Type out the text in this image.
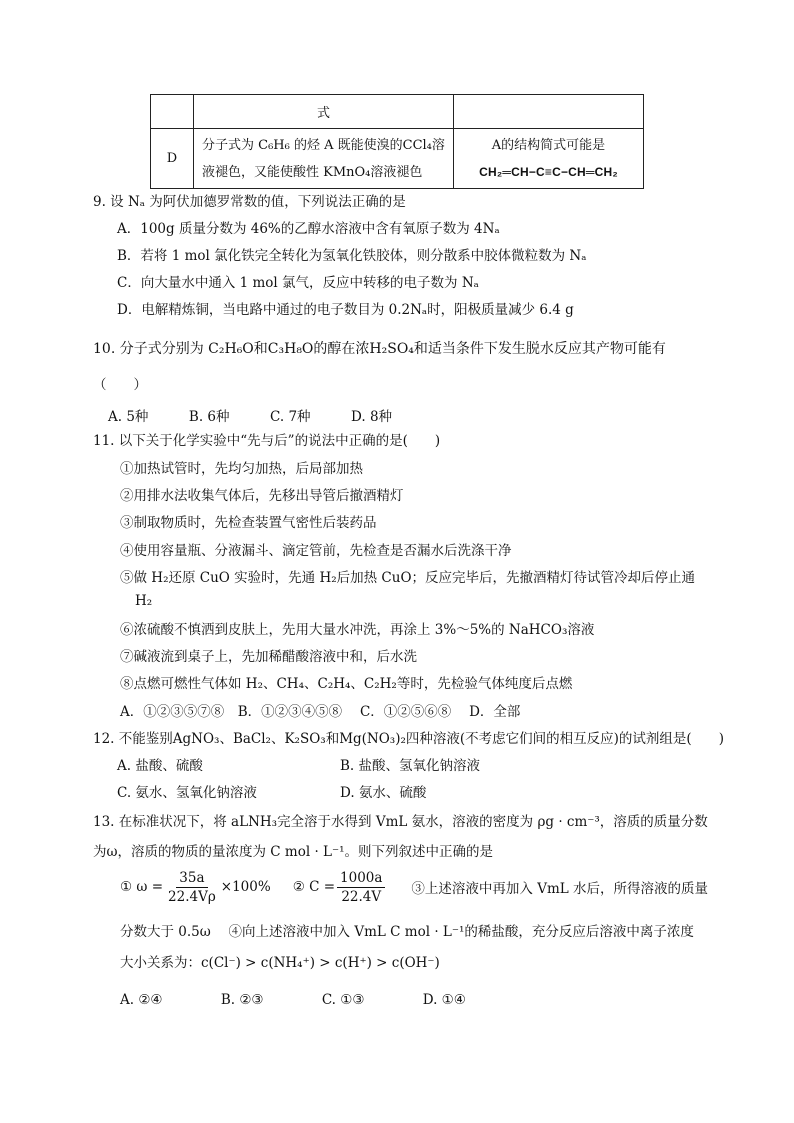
	式	
D	分子式为 C₆H₆ 的烃 A 既能使溴的CCl₄溶液褪色，又能使酸性 KMnO₄溶液褪色	A的结构简式可能是
CH₂═CH−C≡C−CH═CH₂
9. 设 Nₐ 为阿伏加德罗常数的值，下列说法正确的是
A．100g 质量分数为 46%的乙醇水溶液中含有氧原子数为 4Nₐ
B．若将 1 mol 氯化铁完全转化为氢氧化铁胶体，则分散系中胶体微粒数为 Nₐ
C．向大量水中通入 1 mol 氯气，反应中转移的电子数为 Nₐ
D．电解精炼铜，当电路中通过的电子数目为 0.2Nₐ时，阳极质量减少 6.4 g
10. 分子式分别为 C₂H₆O和C₃H₈O的醇在浓H₂SO₄和适当条件下发生脱水反应其产物可能有
（　　）
A. 5种　　　B. 6种　　　C. 7种　　　D. 8种
11. 以下关于化学实验中“先与后”的说法中正确的是(　　)
①加热试管时，先均匀加热，后局部加热
②用排水法收集气体后，先移出导管后撤酒精灯
③制取物质时，先检查装置气密性后装药品
④使用容量瓶、分液漏斗、滴定管前，先检查是否漏水后洗涤干净
⑤做 H₂还原 CuO 实验时，先通 H₂后加热 CuO；反应完毕后，先撤酒精灯待试管冷却后停止通
H₂
⑥浓硫酸不慎洒到皮肤上，先用大量水冲洗，再涂上 3%～5%的 NaHCO₃溶液
⑦碱液流到桌子上，先加稀醋酸溶液中和，后水洗
⑧点燃可燃性气体如 H₂、CH₄、C₂H₄、C₂H₂等时，先检验气体纯度后点燃
A．①②③⑤⑦⑧　B．①②③④⑤⑧　 C．①②⑤⑥⑧　 D．全部
12. 不能鉴别AgNO₃、BaCl₂、K₂SO₃和Mg(NO₃)₂四种溶液(不考虑它们间的相互反应)的试剂组是(　　)
A. 盐酸、硫酸	B. 盐酸、氢氧化钠溶液
C. 氨水、氢氧化钠溶液	D. 氨水、硫酸
13. 在标准状况下，将 aLNH₃完全溶于水得到 VmL 氨水，溶液的密度为 ρg · cm⁻³，溶质的质量分数
为ω，溶质的物质的量浓度为 C mol · L⁻¹。则下列叙述中正确的是
① $\omega = \frac{35a}{22.4V\rho} \times 100\%$ ② $C = \frac{1000a}{22.4V}$ ③上述溶液中再加入 VmL 水后，所得溶液的质量
分数大于 0.5ω　 ④向上述溶液中加入 VmL C mol · L⁻¹的稀盐酸，充分反应后溶液中离子浓度
大小关系为：c(Cl⁻) > c(NH₄⁺) > c(H⁺) > c(OH⁻)
A. ②④　　　　 B. ②③　　　　 C. ①③　　　　 D. ①④
